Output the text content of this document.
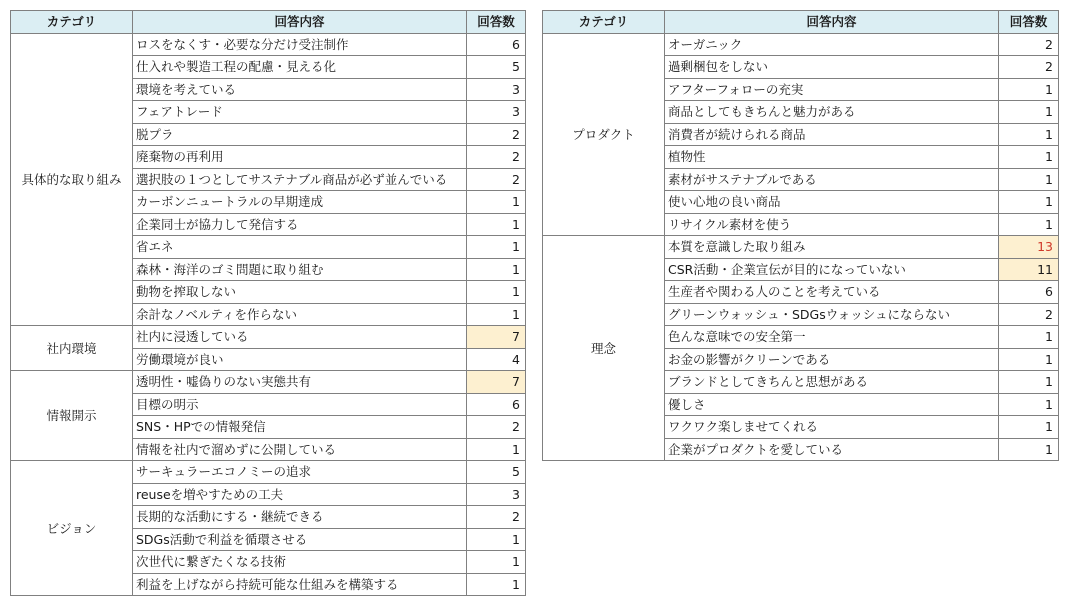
カテゴリ	回答内容	回答数
具体的な取り組み	ロスをなくす・必要な分だけ受注制作	6
	仕入れや製造工程の配慮・見える化	5
	環境を考えている	3
	フェアトレード	3
	脱プラ	2
	廃棄物の再利用	2
	選択肢の１つとしてサステナブル商品が必ず並んでいる	2
	カーボンニュートラルの早期達成	1
	企業同士が協力して発信する	1
	省エネ	1
	森林・海洋のゴミ問題に取り組む	1
	動物を搾取しない	1
	余計なノベルティを作らない	1
社内環境	社内に浸透している	7
	労働環境が良い	4
情報開示	透明性・嘘偽りのない実態共有	7
	目標の明示	6
	SNS・HPでの情報発信	2
	情報を社内で溜めずに公開している	1
ビジョン	サーキュラーエコノミーの追求	5
	reuseを増やすための工夫	3
	長期的な活動にする・継続できる	2
	SDGs活動で利益を循環させる	1
	次世代に繋ぎたくなる技術	1
	利益を上げながら持続可能な仕組みを構築する	1
カテゴリ	回答内容	回答数
プロダクト	オーガニック	2
	過剰梱包をしない	2
	アフターフォローの充実	1
	商品としてもきちんと魅力がある	1
	消費者が続けられる商品	1
	植物性	1
	素材がサステナブルである	1
	使い心地の良い商品	1
	リサイクル素材を使う	1
理念	本質を意識した取り組み	13
	CSR活動・企業宣伝が目的になっていない	11
	生産者や関わる人のことを考えている	6
	グリーンウォッシュ・SDGsウォッシュにならない	2
	色んな意味での安全第一	1
	お金の影響がクリーンである	1
	ブランドとしてきちんと思想がある	1
	優しさ	1
	ワクワク楽しませてくれる	1
	企業がプロダクトを愛している	1
